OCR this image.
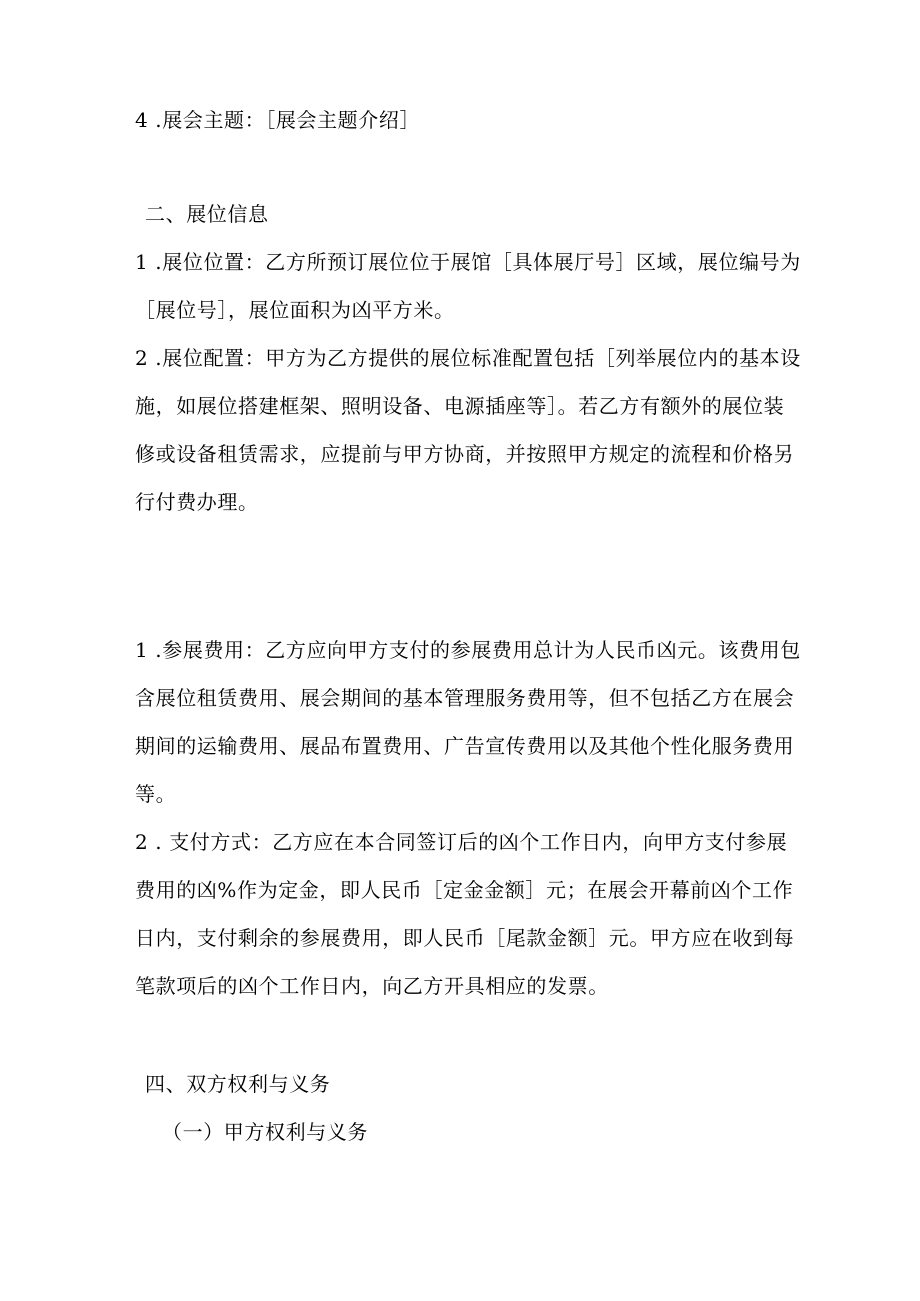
4 .展会主题：［展会主题介绍］
二、展位信息
1 .展位位置：乙方所预订展位位于展馆［具体展厅号］区域，展位编号为
［展位号］，展位面积为凶平方米。
2 .展位配置：甲方为乙方提供的展位标准配置包括［列举展位内的基本设
施，如展位搭建框架、照明设备、电源插座等］。若乙方有额外的展位装
修或设备租赁需求，应提前与甲方协商，并按照甲方规定的流程和价格另
行付费办理。
1 .参展费用：乙方应向甲方支付的参展费用总计为人民币凶元。该费用包
含展位租赁费用、展会期间的基本管理服务费用等，但不包括乙方在展会
期间的运输费用、展品布置费用、广告宣传费用以及其他个性化服务费用
等。
2 . 支付方式：乙方应在本合同签订后的凶个工作日内，向甲方支付参展
费用的凶%作为定金，即人民币［定金金额］元；在展会开幕前凶个工作
日内，支付剩余的参展费用，即人民币［尾款金额］元。甲方应在收到每
笔款项后的凶个工作日内，向乙方开具相应的发票。
四、双方权利与义务
（一）甲方权利与义务
